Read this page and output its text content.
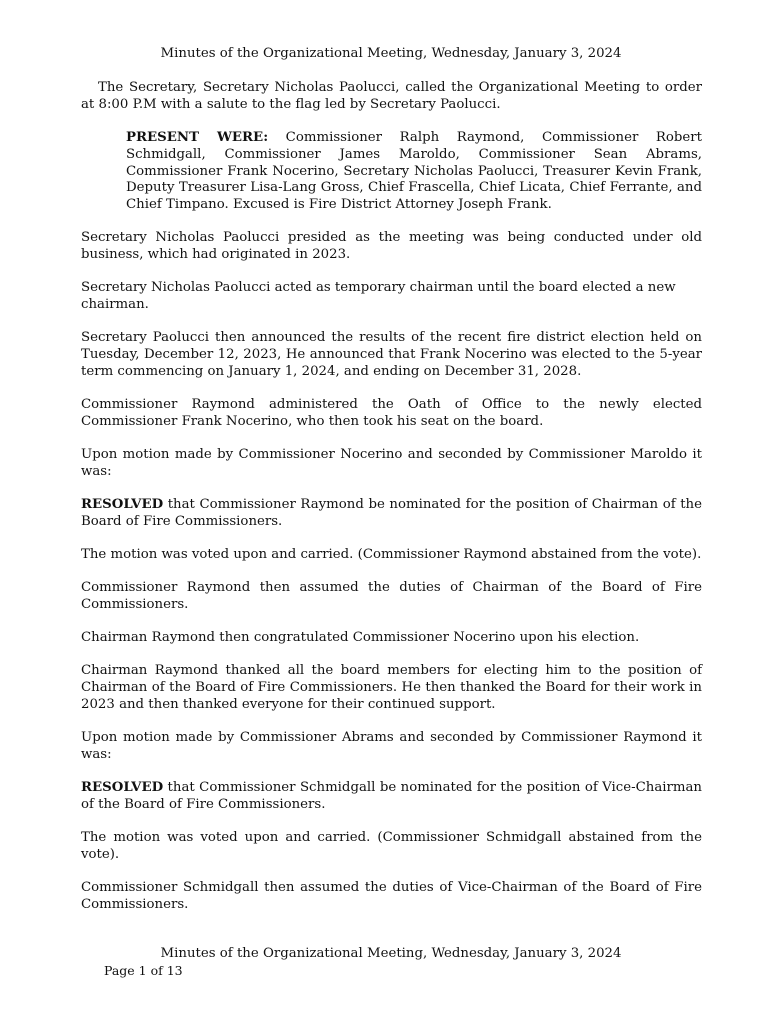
Minutes of the Organizational Meeting, Wednesday, January 3, 2024

The Secretary, Secretary Nicholas Paolucci, called the Organizational Meeting to order at 8:00 P.M with a salute to the flag led by Secretary Paolucci.

PRESENT WERE: Commissioner Ralph Raymond, Commissioner Robert Schmidgall, Commissioner James Maroldo, Commissioner Sean Abrams, Commissioner Frank Nocerino, Secretary Nicholas Paolucci, Treasurer Kevin Frank, Deputy Treasurer Lisa-Lang Gross, Chief Frascella, Chief Licata, Chief Ferrante, and Chief Timpano. Excused is Fire District Attorney Joseph Frank.

Secretary Nicholas Paolucci presided as the meeting was being conducted under old business, which had originated in 2023.

Secretary Nicholas Paolucci acted as temporary chairman until the board elected a new chairman.

Secretary Paolucci then announced the results of the recent fire district election held on Tuesday, December 12, 2023, He announced that Frank Nocerino was elected to the 5-year term commencing on January 1, 2024, and ending on December 31, 2028.

Commissioner Raymond administered the Oath of Office to the newly elected Commissioner Frank Nocerino, who then took his seat on the board.

Upon motion made by Commissioner Nocerino and seconded by Commissioner Maroldo it was:

RESOLVED that Commissioner Raymond be nominated for the position of Chairman of the Board of Fire Commissioners.

The motion was voted upon and carried. (Commissioner Raymond abstained from the vote).

Commissioner Raymond then assumed the duties of Chairman of the Board of Fire Commissioners.

Chairman Raymond then congratulated Commissioner Nocerino upon his election.

Chairman Raymond thanked all the board members for electing him to the position of Chairman of the Board of Fire Commissioners. He then thanked the Board for their work in 2023 and then thanked everyone for their continued support.

Upon motion made by Commissioner Abrams and seconded by Commissioner Raymond it was:

RESOLVED that Commissioner Schmidgall be nominated for the position of Vice-Chairman of the Board of Fire Commissioners.

The motion was voted upon and carried. (Commissioner Schmidgall abstained from the vote).

Commissioner Schmidgall then assumed the duties of Vice-Chairman of the Board of Fire Commissioners.

Minutes of the Organizational Meeting, Wednesday, January 3, 2024
Page 1 of 13
